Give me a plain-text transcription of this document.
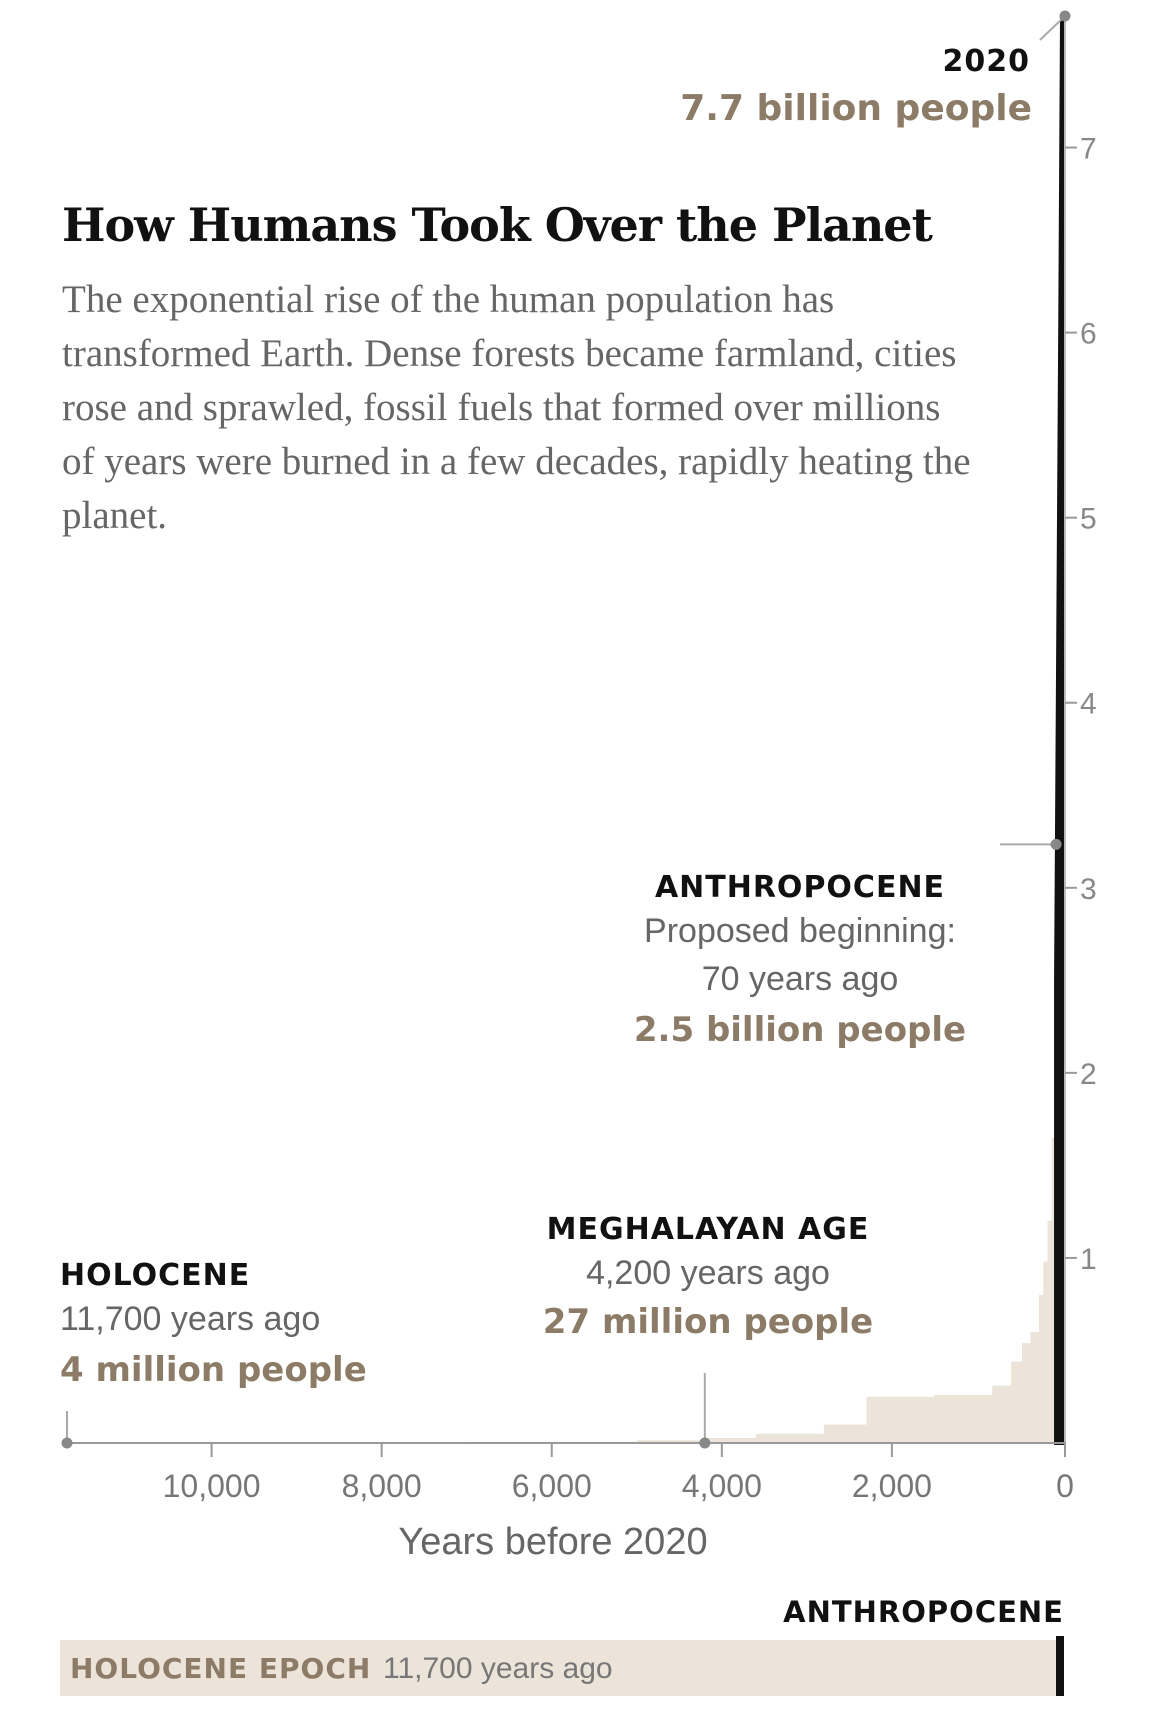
10,000	8,000	6,000	4,000	2,000	0
1
2
3
4
5
6
7
Years before 2020
How Humans Took Over the Planet

The exponential rise of the human population has transformed Earth. Dense forests became farmland, cities rose and sprawled, fossil fuels that formed over millions of years were burned in a few decades, rapidly heating the planet.

2020
7.7 billion people
ANTHROPOCENE
Proposed beginning:
70 years ago
2.5 billion people
MEGHALAYAN AGE
4,200 years ago
27 million people
HOLOCENE
11,700 years ago
4 million people
ANTHROPOCENE
HOLOCENE EPOCH 11,700 years ago
